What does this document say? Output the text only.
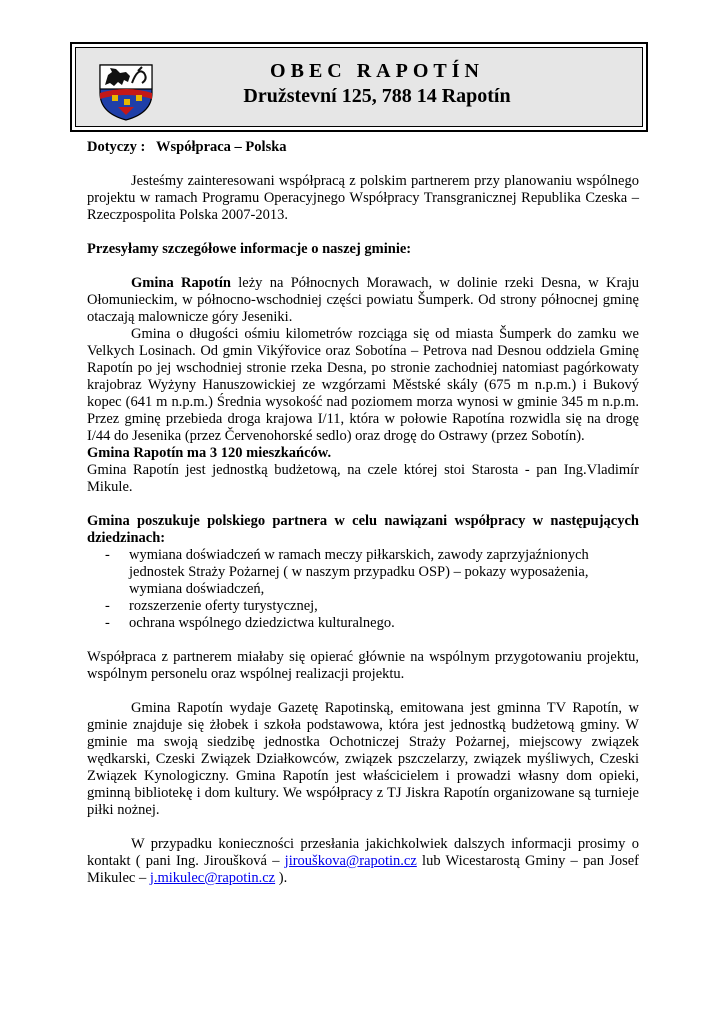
OBEC RAPOTÍN
Družstevní 125, 788 14 Rapotín

Dotyczy : Współpraca – Polska

Jesteśmy zainteresowani współpracą z polskim partnerem przy planowaniu wspólnego projektu w ramach Programu Operacyjnego Współpracy Transgranicznej Republika Czeska – Rzeczpospolita Polska 2007-2013.

Przesyłamy szczegółowe informacje o naszej gminie:

Gmina Rapotín leży na Północnych Morawach, w dolinie rzeki Desna, w Kraju Ołomunieckim, w północno-wschodniej części powiatu Šumperk. Od strony północnej gminę otaczają malownicze góry Jeseniki.

Gmina o długości ośmiu kilometrów rozciąga się od miasta Šumperk do zamku we Velkych Losinach. Od gmin Vikýřovice oraz Sobotína – Petrova nad Desnou oddziela Gminę Rapotín po jej wschodniej stronie rzeka Desna, po stronie zachodniej natomiast pagórkowaty krajobraz Wyżyny Hanuszowickiej ze wzgórzami Městské skály (675 m n.p.m.) i Bukový kopec (641 m n.p.m.) Średnia wysokość nad poziomem morza wynosi w gminie 345 m n.p.m. Przez gminę przebieda droga krajowa I/11, która w połowie Rapotína rozwidla się na drogę I/44 do Jesenika (przez Červenohorské sedlo) oraz drogę do Ostrawy (przez Sobotín).

Gmina Rapotín ma 3 120 mieszkańców.

Gmina Rapotín jest jednostką budżetową, na czele której stoi Starosta - pan Ing.Vladimír Mikule.

Gmina poszukuje polskiego partnera w celu nawiązani współpracy w następujących dziedzinach:

- wymiana doświadczeń w ramach meczy piłkarskich, zawody zaprzyjaźnionych jednostek Straży Pożarnej ( w naszym przypadku OSP) – pokazy wyposażenia, wymiana doświadczeń,
- rozszerzenie oferty turystycznej,
- ochrana wspólnego dziedzictwa kulturalnego.

Współpraca z partnerem miałaby się opierać głównie na wspólnym przygotowaniu projektu, wspólnym personelu oraz wspólnej realizacji projektu.

Gmina Rapotín wydaje Gazetę Rapotinską, emitowana jest gminna TV Rapotín, w gminie znajduje się żłobek i szkoła podstawowa, która jest jednostką budżetową gminy. W gminie ma swoją siedzibę jednostka Ochotniczej Straży Pożarnej, miejscowy związek wędkarski, Czeski Związek Działkowców, związek pszczelarzy, związek myśliwych, Czeski Związek Kynologiczny. Gmina Rapotín jest właścicielem i prowadzi własny dom opieki, gminną bibliotekę i dom kultury. We współpracy z TJ Jiskra Rapotín organizowane są turnieje piłki nożnej.

W przypadku konieczności przesłania jakichkolwiek dalszych informacji prosimy o kontakt ( pani Ing. Jiroušková – jirouškova@rapotin.cz lub Wicestarostą Gminy – pan Josef Mikulec – j.mikulec@rapotin.cz ).
